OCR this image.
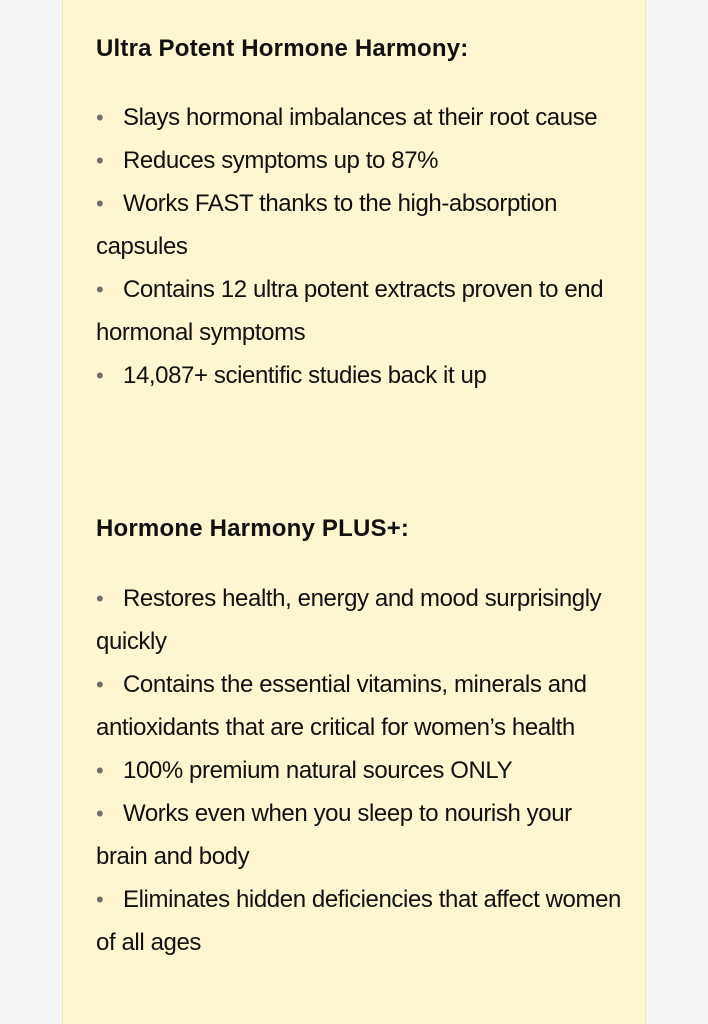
Ultra Potent Hormone Harmony:
• Slays hormonal imbalances at their root cause
• Reduces symptoms up to 87%
• Works FAST thanks to the high-absorption capsules
• Contains 12 ultra potent extracts proven to end hormonal symptoms
• 14,087+ scientific studies back it up
Hormone Harmony PLUS+:
• Restores health, energy and mood surprisingly quickly
• Contains the essential vitamins, minerals and antioxidants that are critical for women’s health
• 100% premium natural sources ONLY
• Works even when you sleep to nourish your brain and body
• Eliminates hidden deficiencies that affect women of all ages
